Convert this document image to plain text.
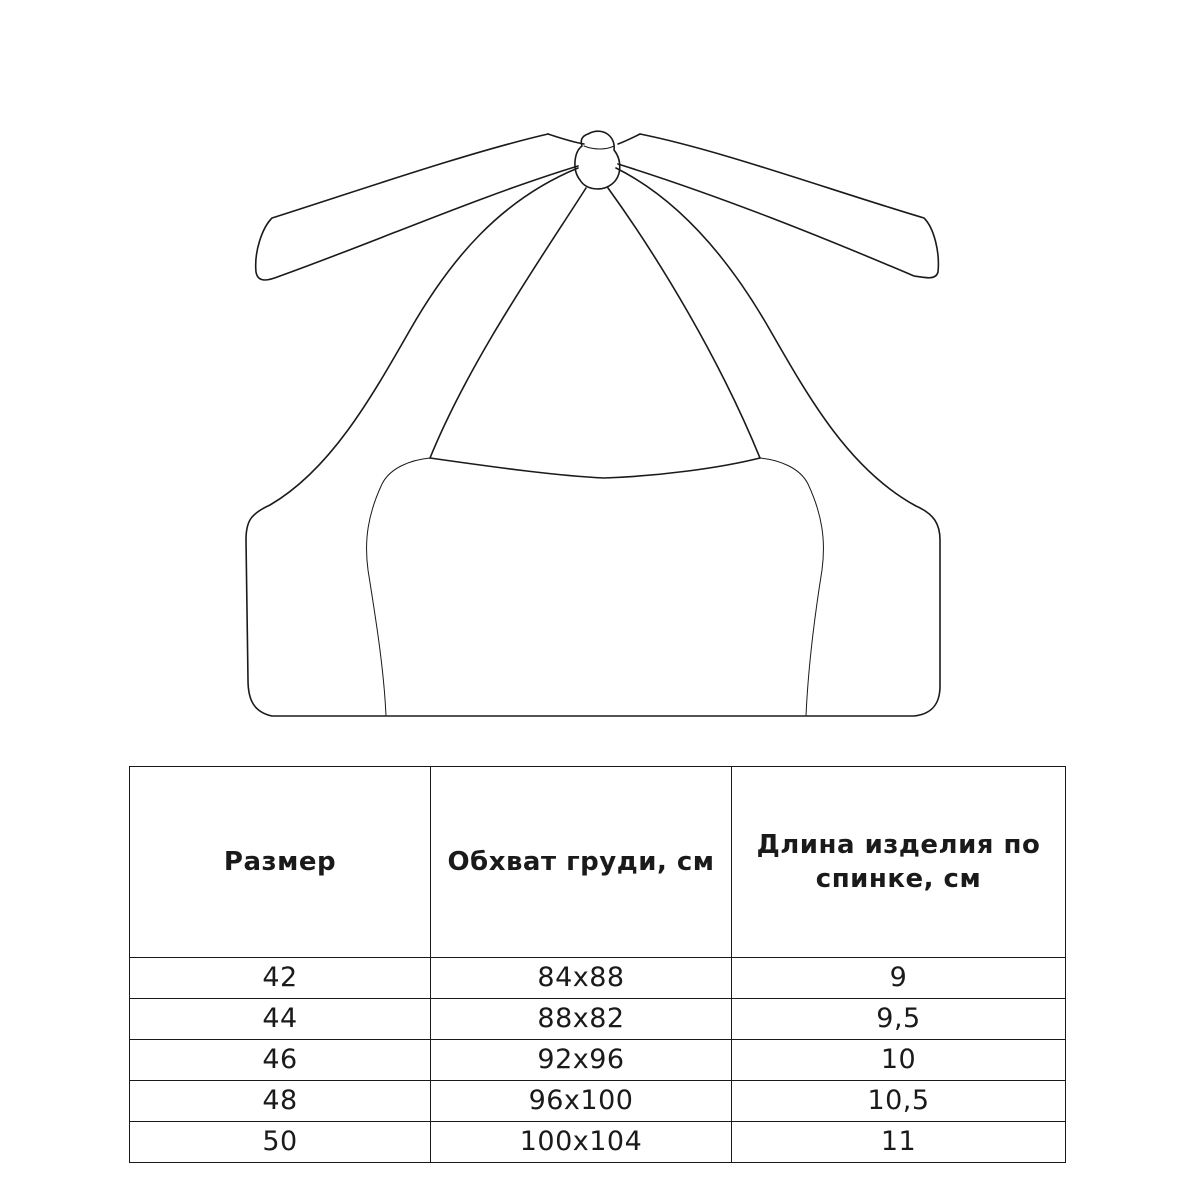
Размер	Обхват груди, см	Длина изделия по спинке, см
42	84х88	9
44	88х82	9,5
46	92х96	10
48	96х100	10,5
50	100х104	11
